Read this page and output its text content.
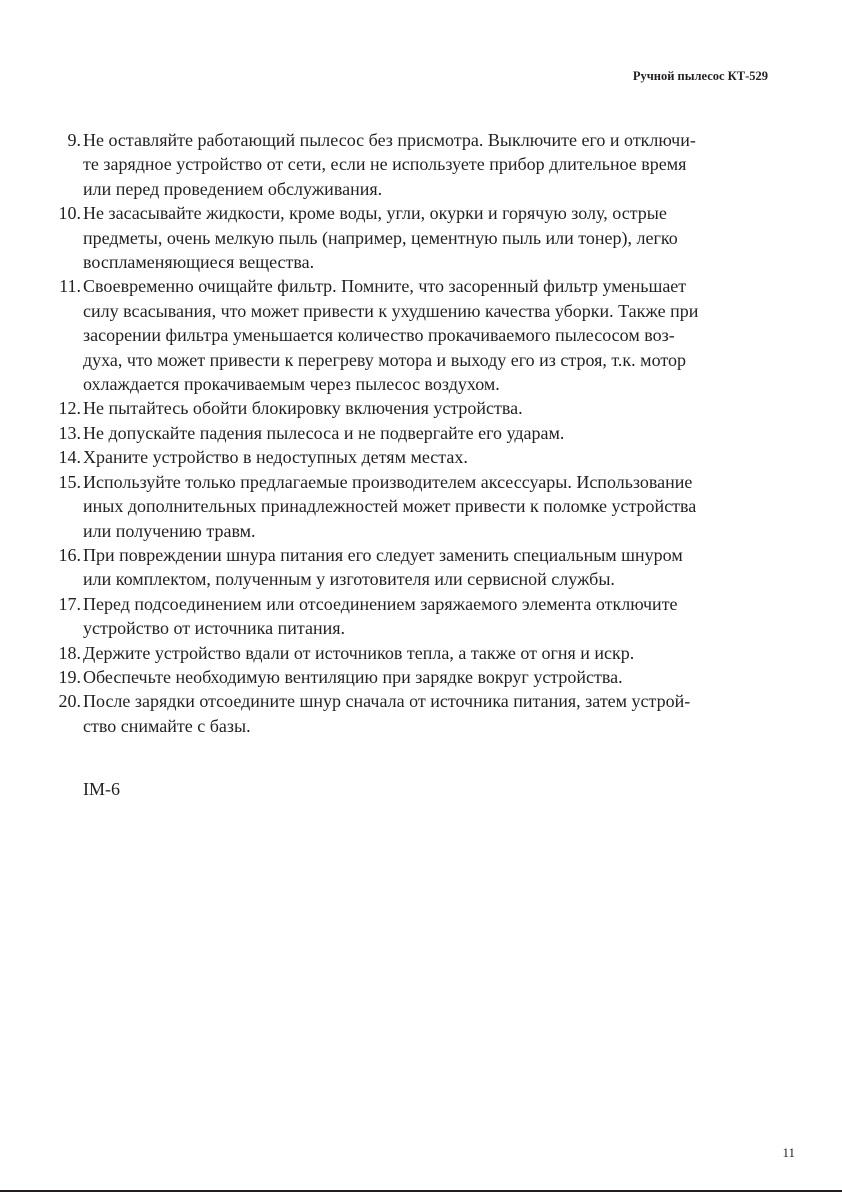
Ручной пылесос КТ-529
9. Не оставляйте работающий пылесос без присмотра. Выключите его и отключи-
те зарядное устройство от сети, если не используете прибор длительное время
или перед проведением обслуживания.
10. Не засасывайте жидкости, кроме воды, угли, окурки и горячую золу, острые
предметы, очень мелкую пыль (например, цементную пыль или тонер), легко
воспламеняющиеся вещества.
11. Своевременно очищайте фильтр. Помните, что засоренный фильтр уменьшает
силу всасывания, что может привести к ухудшению качества уборки. Также при
засорении фильтра уменьшается количество прокачиваемого пылесосом воз-
духа, что может привести к перегреву мотора и выходу его из строя, т.к. мотор
охлаждается прокачиваемым через пылесос воздухом.
12. Не пытайтесь обойти блокировку включения устройства.
13. Не допускайте падения пылесоса и не подвергайте его ударам.
14. Храните устройство в недоступных детям местах.
15. Используйте только предлагаемые производителем аксессуары. Использование
иных дополнительных принадлежностей может привести к поломке устройства
или получению травм.
16. При повреждении шнура питания его следует заменить специальным шнуром
или комплектом, полученным у изготовителя или сервисной службы.
17. Перед подсоединением или отсоединением заряжаемого элемента отключите
устройство от источника питания.
18. Держите устройство вдали от источников тепла, а также от огня и искр.
19. Обеспечьте необходимую вентиляцию при зарядке вокруг устройства.
20. После зарядки отсоедините шнур сначала от источника питания, затем устрой-
ство снимайте с базы.
IM-6
11
